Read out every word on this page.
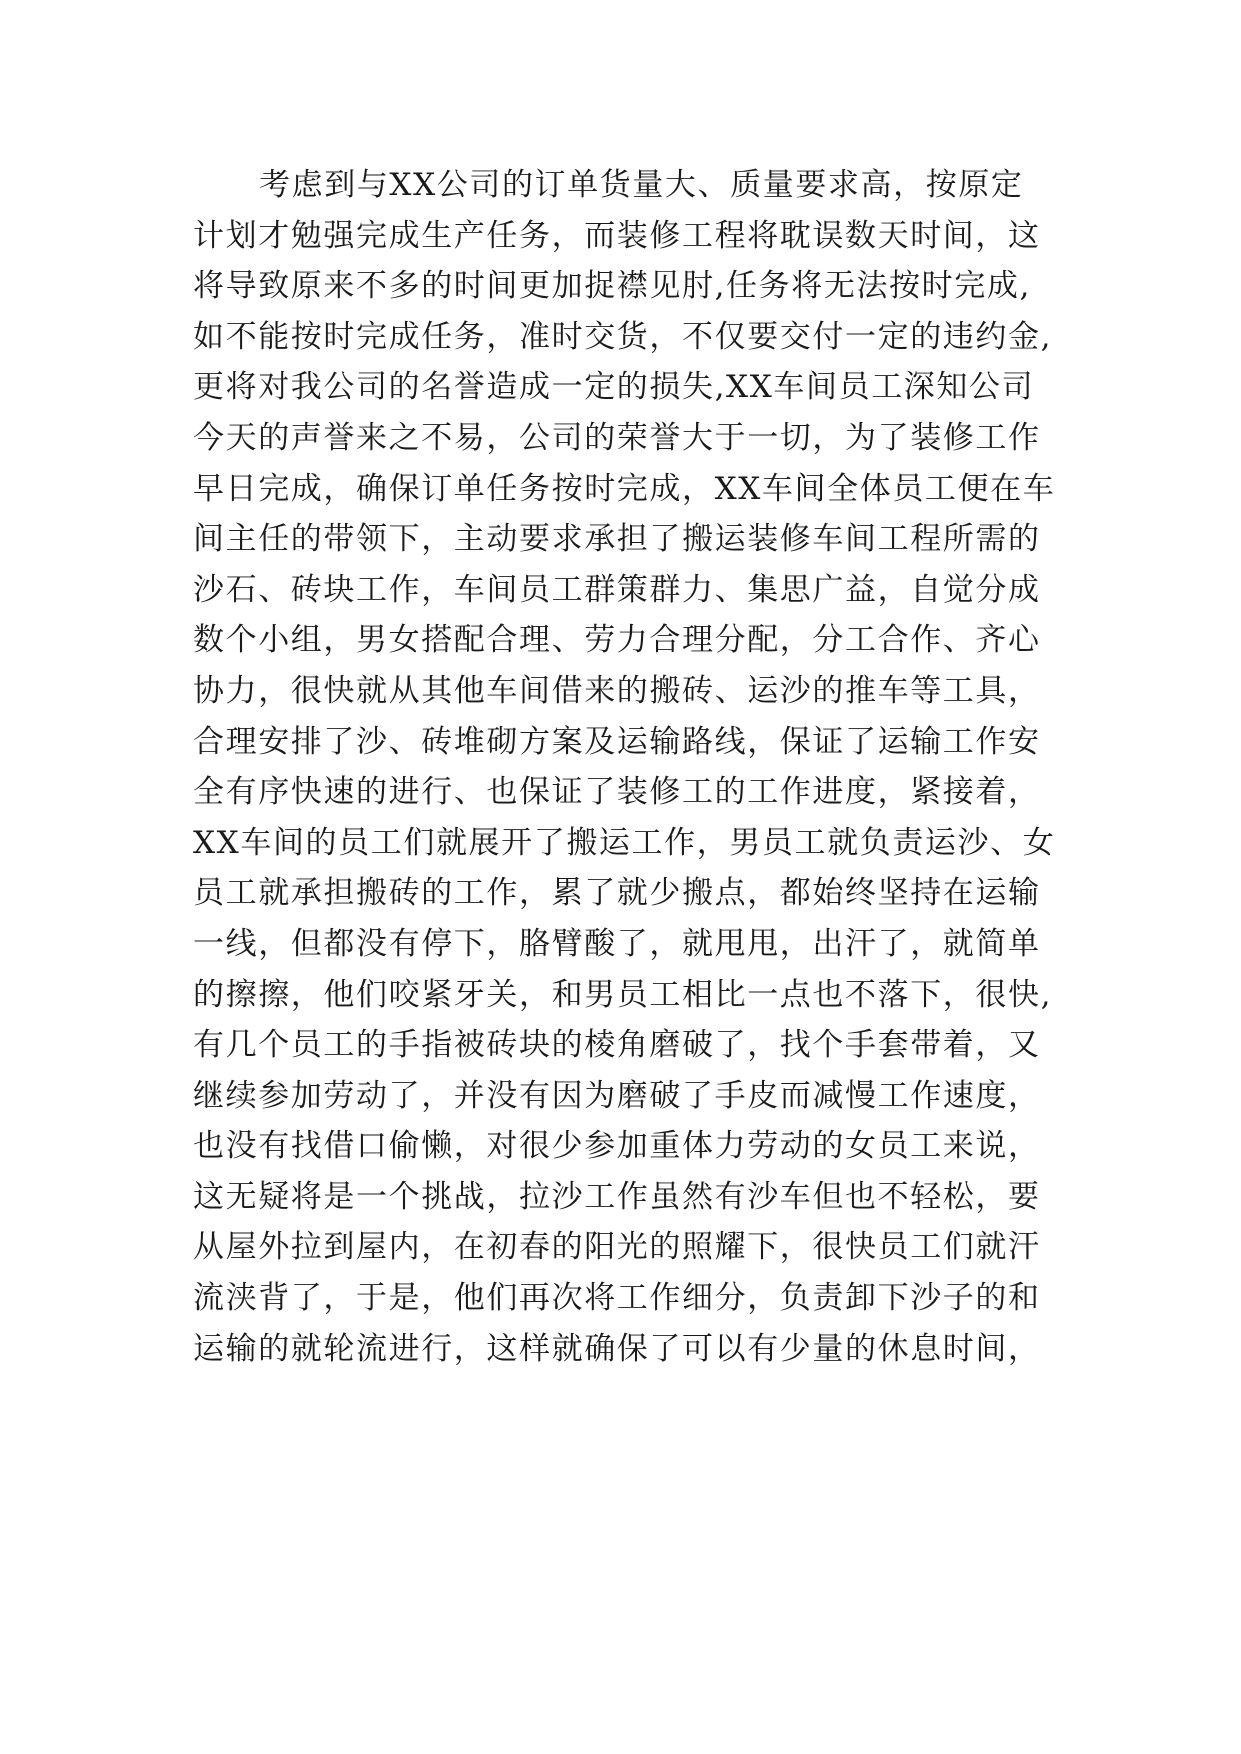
考虑到与XX公司的订单货量大、质量要求高，按原定
计划才勉强完成生产任务，而装修工程将耽误数天时间，这
将导致原来不多的时间更加捉襟见肘,任务将无法按时完成,
如不能按时完成任务，准时交货，不仅要交付一定的违约金,
更将对我公司的名誉造成一定的损失,XX车间员工深知公司
今天的声誉来之不易，公司的荣誉大于一切，为了装修工作
早日完成，确保订单任务按时完成，XX车间全体员工便在车
间主任的带领下，主动要求承担了搬运装修车间工程所需的
沙石、砖块工作，车间员工群策群力、集思广益，自觉分成
数个小组，男女搭配合理、劳力合理分配，分工合作、齐心
协力，很快就从其他车间借来的搬砖、运沙的推车等工具，
合理安排了沙、砖堆砌方案及运输路线，保证了运输工作安
全有序快速的进行、也保证了装修工的工作进度，紧接着，
XX车间的员工们就展开了搬运工作，男员工就负责运沙、女
员工就承担搬砖的工作，累了就少搬点，都始终坚持在运输
一线，但都没有停下，胳臂酸了，就甩甩，出汗了，就简单
的擦擦，他们咬紧牙关，和男员工相比一点也不落下，很快,
有几个员工的手指被砖块的棱角磨破了，找个手套带着，又
继续参加劳动了，并没有因为磨破了手皮而减慢工作速度，
也没有找借口偷懒，对很少参加重体力劳动的女员工来说，
这无疑将是一个挑战，拉沙工作虽然有沙车但也不轻松，要
从屋外拉到屋内，在初春的阳光的照耀下，很快员工们就汗
流浃背了，于是，他们再次将工作细分，负责卸下沙子的和
运输的就轮流进行，这样就确保了可以有少量的休息时间，
